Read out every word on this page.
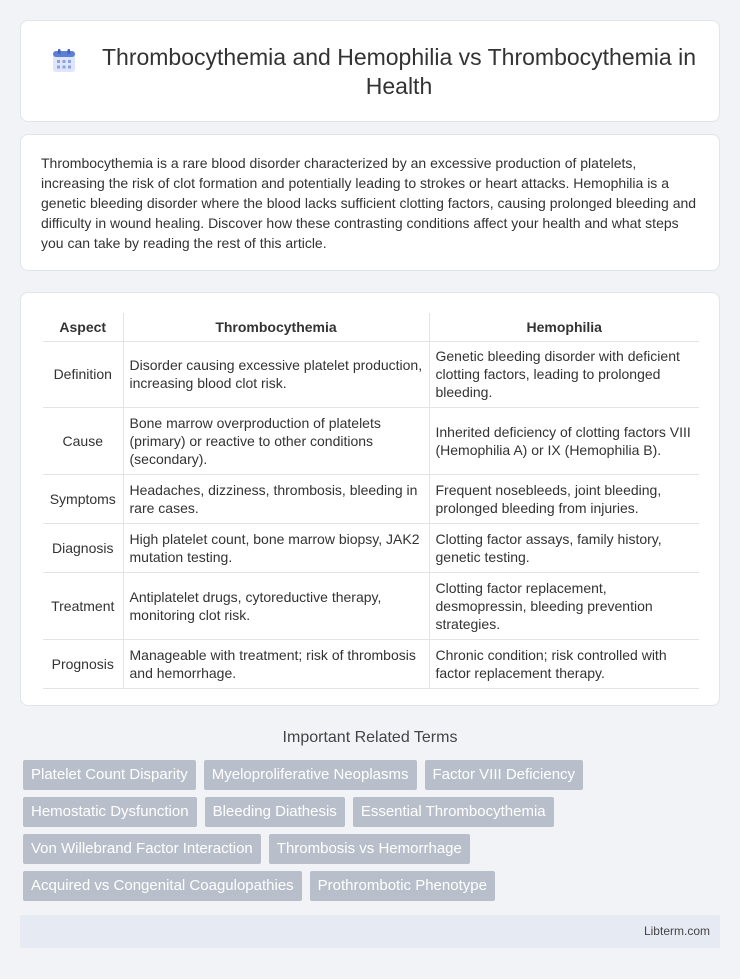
Thrombocythemia and Hemophilia vs Thrombocythemia in Health

Thrombocythemia is a rare blood disorder characterized by an excessive production of platelets, increasing the risk of clot formation and potentially leading to strokes or heart attacks. Hemophilia is a genetic bleeding disorder where the blood lacks sufficient clotting factors, causing prolonged bleeding and difficulty in wound healing. Discover how these contrasting conditions affect your health and what steps you can take by reading the rest of this article.

Aspect	Thrombocythemia	Hemophilia
Definition	Disorder causing excessive platelet production, increasing blood clot risk.	Genetic bleeding disorder with deficient clotting factors, leading to prolonged bleeding.
Cause	Bone marrow overproduction of platelets (primary) or reactive to other conditions (secondary).	Inherited deficiency of clotting factors VIII (Hemophilia A) or IX (Hemophilia B).
Symptoms	Headaches, dizziness, thrombosis, bleeding in rare cases.	Frequent nosebleeds, joint bleeding, prolonged bleeding from injuries.
Diagnosis	High platelet count, bone marrow biopsy, JAK2 mutation testing.	Clotting factor assays, family history, genetic testing.
Treatment	Antiplatelet drugs, cytoreductive therapy, monitoring clot risk.	Clotting factor replacement, desmopressin, bleeding prevention strategies.
Prognosis	Manageable with treatment; risk of thrombosis and hemorrhage.	Chronic condition; risk controlled with factor replacement therapy.
Important Related Terms
Platelet Count Disparity	Myeloproliferative Neoplasms	Factor VIII Deficiency
Hemostatic Dysfunction	Bleeding Diathesis	Essential Thrombocythemia
Von Willebrand Factor Interaction	Thrombosis vs Hemorrhage
Acquired vs Congenital Coagulopathies	Prothrombotic Phenotype
Libterm.com
